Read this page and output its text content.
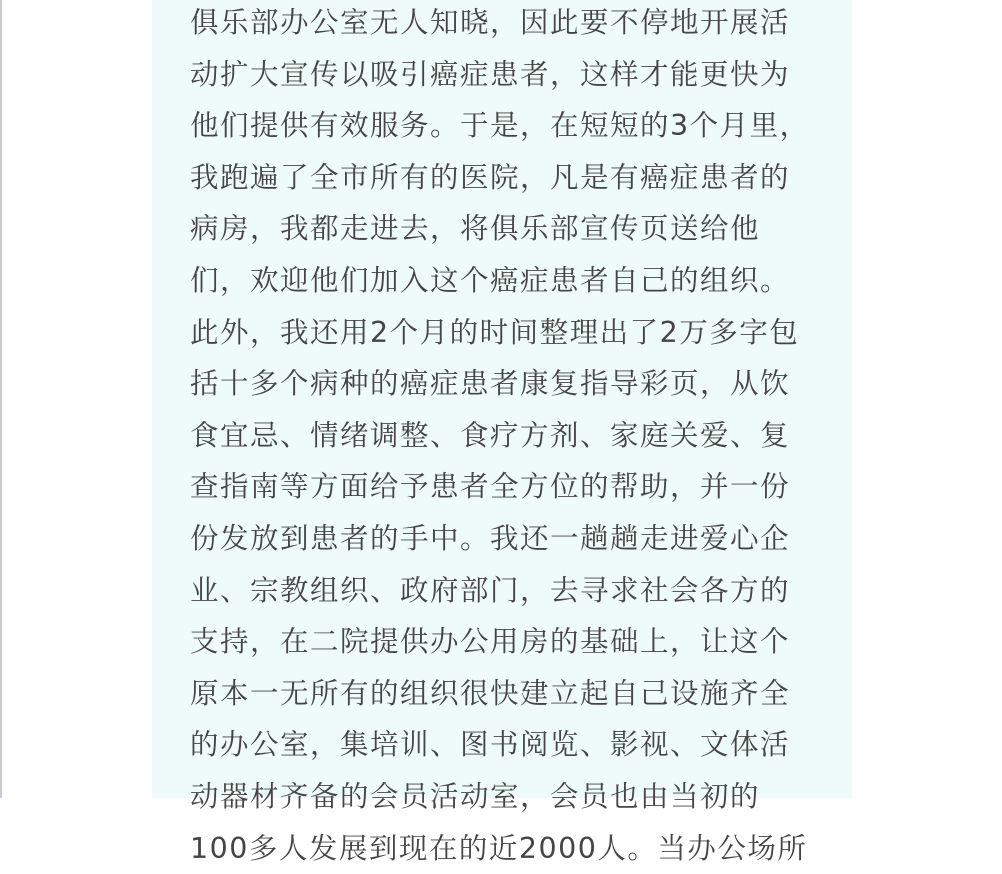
俱乐部办公室无人知晓，因此要不停地开展活
动扩大宣传以吸引癌症患者，这样才能更快为
他们提供有效服务。于是，在短短的3个月里，
我跑遍了全市所有的医院，凡是有癌症患者的
病房，我都走进去，将俱乐部宣传页送给他
们，欢迎他们加入这个癌症患者自己的组织。
此外，我还用2个月的时间整理出了2万多字包
括十多个病种的癌症患者康复指导彩页，从饮
食宜忌、情绪调整、食疗方剂、家庭关爱、复
查指南等方面给予患者全方位的帮助，并一份
份发放到患者的手中。我还一趟趟走进爱心企
业、宗教组织、政府部门，去寻求社会各方的
支持，在二院提供办公用房的基础上，让这个
原本一无所有的组织很快建立起自己设施齐全
的办公室，集培训、图书阅览、影视、文体活
动器材齐备的会员活动室，会员也由当初的
100多人发展到现在的近2000人。当办公场所
